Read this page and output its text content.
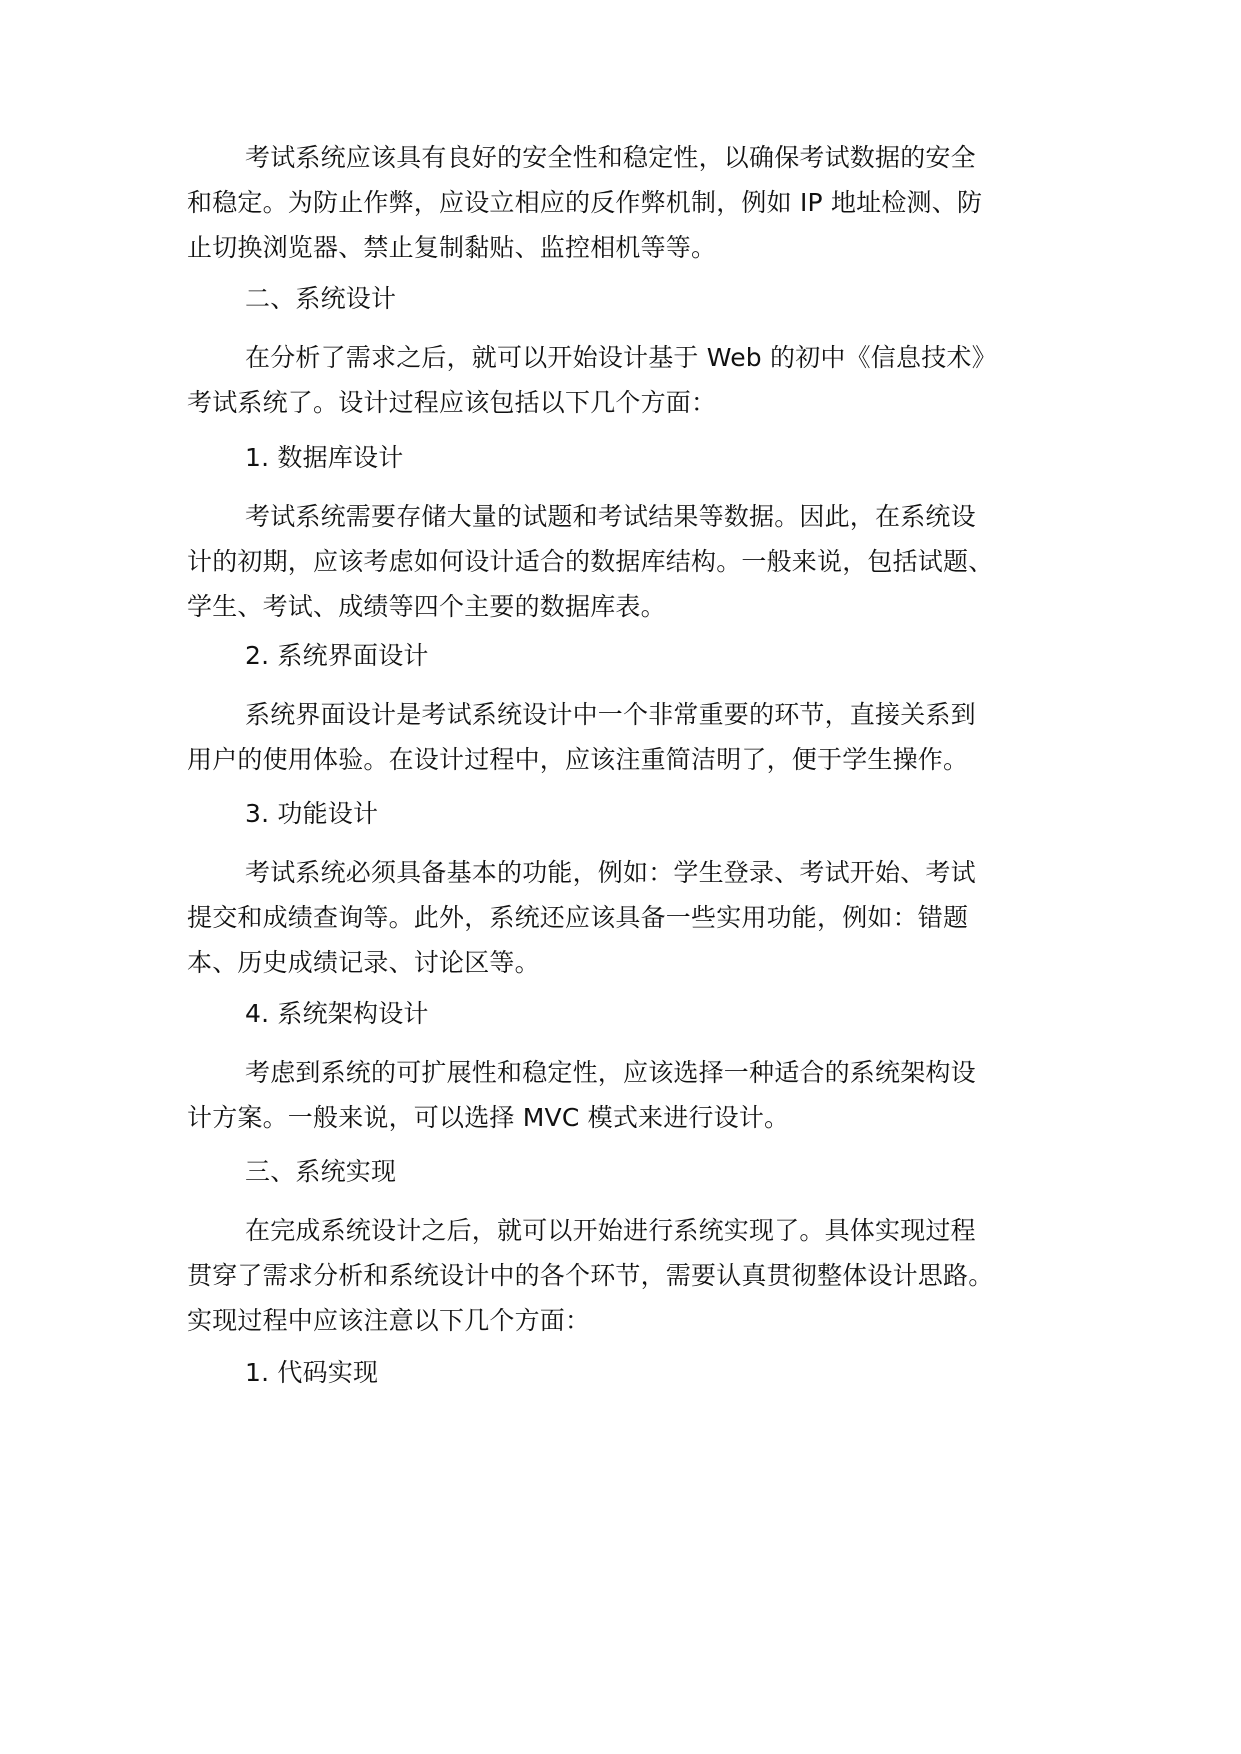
考试系统应该具有良好的安全性和稳定性，以确保考试数据的安全
和稳定。为防止作弊，应设立相应的反作弊机制，例如 IP 地址检测、防
止切换浏览器、禁止复制黏贴、监控相机等等。
二、系统设计
在分析了需求之后，就可以开始设计基于 Web 的初中《信息技术》
考试系统了。设计过程应该包括以下几个方面：
1. 数据库设计
考试系统需要存储大量的试题和考试结果等数据。因此，在系统设
计的初期，应该考虑如何设计适合的数据库结构。一般来说，包括试题、
学生、考试、成绩等四个主要的数据库表。
2. 系统界面设计
系统界面设计是考试系统设计中一个非常重要的环节，直接关系到
用户的使用体验。在设计过程中，应该注重简洁明了，便于学生操作。
3. 功能设计
考试系统必须具备基本的功能，例如：学生登录、考试开始、考试
提交和成绩查询等。此外，系统还应该具备一些实用功能，例如：错题
本、历史成绩记录、讨论区等。
4. 系统架构设计
考虑到系统的可扩展性和稳定性，应该选择一种适合的系统架构设
计方案。一般来说，可以选择 MVC 模式来进行设计。
三、系统实现
在完成系统设计之后，就可以开始进行系统实现了。具体实现过程
贯穿了需求分析和系统设计中的各个环节，需要认真贯彻整体设计思路。
实现过程中应该注意以下几个方面：
1. 代码实现
